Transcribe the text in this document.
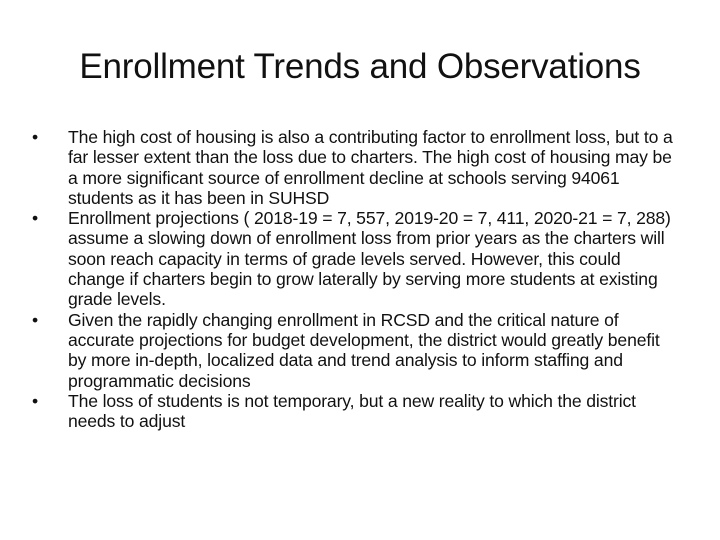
Enrollment Trends and Observations
•	The high cost of housing is also a contributing factor to enrollment loss, but to a far lesser extent than the loss due to charters. The high cost of housing may be a more significant source of enrollment decline at schools serving 94061 students as it has been in SUHSD
•	Enrollment projections ( 2018-19 = 7, 557, 2019-20 = 7, 411, 2020-21 = 7, 288) assume a slowing down of enrollment loss from prior years as the charters will soon reach capacity in terms of grade levels served. However, this could change if charters begin to grow laterally by serving more students at existing grade levels.
•	Given the rapidly changing enrollment in RCSD and the critical nature of accurate projections for budget development, the district would greatly benefit by more in-depth, localized data and trend analysis to inform staffing and programmatic decisions
•	The loss of students is not temporary, but a new reality to which the district needs to adjust
